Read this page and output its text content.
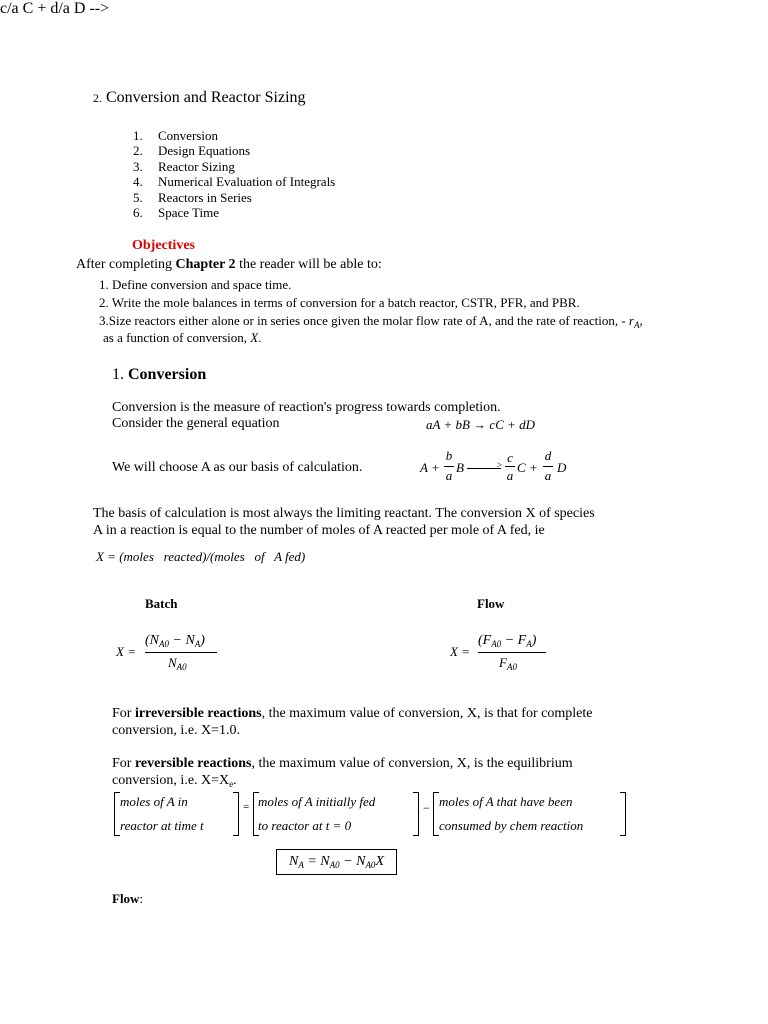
2. Conversion and Reactor Sizing
1.	Conversion
2.	Design Equations
3.	Reactor Sizing
4.	Numerical Evaluation of Integrals
5.	Reactors in Series
6.	Space Time
Objectives
After completing Chapter 2 the reader will be able to:
1. Define conversion and space time.
2. Write the mole balances in terms of conversion for a batch reactor, CSTR, PFR, and PBR.
3.Size reactors either alone or in series once given the molar flow rate of A, and the rate of reaction, - $r_A$,
as a function of conversion, X.
1. Conversion
Conversion is the measure of reaction's progress towards completion.
Consider the general equation	aA + bB → cC + dD
We will choose A as our basis of calculation.
c/a C + d/a D -->
A +
b
a
B	> c
a
C +
d
a
D
The basis of calculation is most always the limiting reactant. The conversion X of species
A in a reaction is equal to the number of moles of A reacted per mole of A fed, ie
X = (moles   reacted)/(moles   of   A fed)
Batch	Flow
X =
$(N_{A0} - N_A)$
$N_{A0}$
X =
$(F_{A0} - F_A)$
$F_{A0}$
For irreversible reactions, the maximum value of conversion, X, is that for complete
conversion, i.e. X=1.0.
For reversible reactions, the maximum value of conversion, X, is the equilibrium
conversion, i.e. $X=X_e$.
moles of A in
reactor at time t
= moles of A initially fed
to reactor at t = 0
− moles of A that have been
consumed by chem reaction
$N_A = N_{A0} - N_{A0}X$
Flow:
